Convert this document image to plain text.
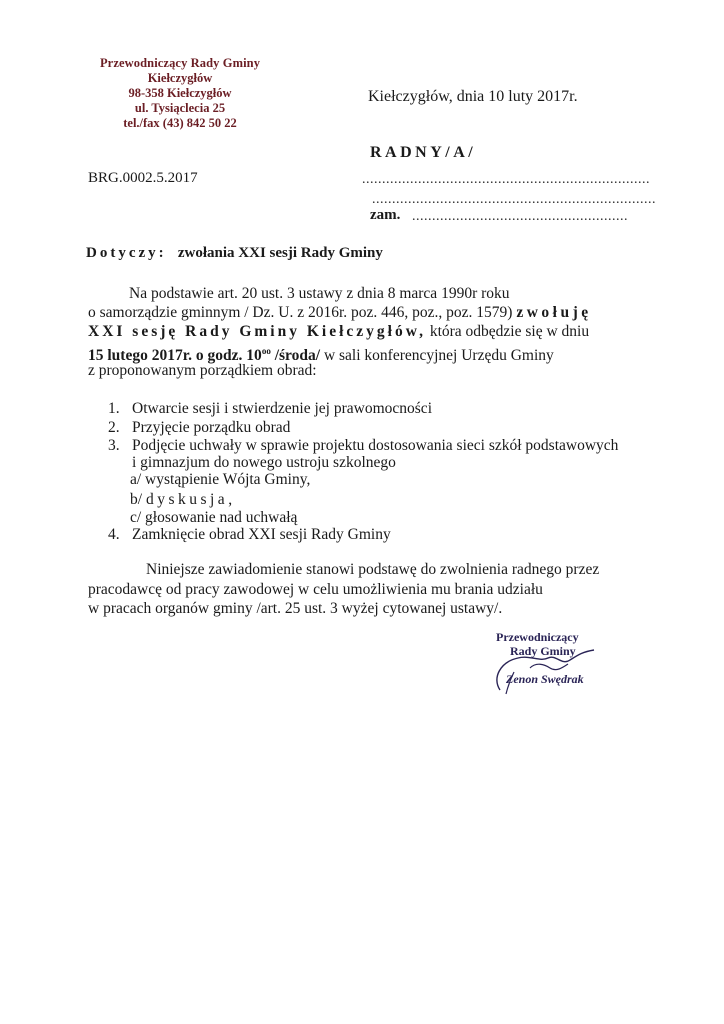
Przewodniczący Rady Gminy
Kiełczygłów
98-358 Kiełczygłów
ul. Tysiąclecia 25
tel./fax (43) 842 50 22
Kiełczygłów, dnia 10 luty 2017r.
RADNY/A/
BRG.0002.5.2017	........................................................................
.......................................................................
zam. ......................................................
Dotyczy: zwołania XXI sesji Rady Gminy
Na podstawie art. 20 ust. 3 ustawy z dnia 8 marca 1990r roku
o samorządzie gminnym / Dz. U. z 2016r. poz. 446, poz., poz. 1579) zwołuję
XXI sesję Rady Gminy Kiełczygłów, która odbędzie się w dniu
15 lutego 2017r. o godz. $10^{oo}$ /środa/ w sali konferencyjnej Urzędu Gminy
z proponowanym porządkiem obrad:
1. Otwarcie sesji i stwierdzenie jej prawomocności
2. Przyjęcie porządku obrad
3. Podjęcie uchwały w sprawie projektu dostosowania sieci szkół podstawowych
i gimnazjum do nowego ustroju szkolnego
a/ wystąpienie Wójta Gminy,
b/ dyskusja,
c/ głosowanie nad uchwałą
4. Zamknięcie obrad XXI sesji Rady Gminy
Niniejsze zawiadomienie stanowi podstawę do zwolnienia radnego przez
pracodawcę od pracy zawodowej w celu umożliwienia mu brania udziału
w pracach organów gminy /art. 25 ust. 3 wyżej cytowanej ustawy/.
Przewodniczący
Rady Gminy
Zenon Swędrak
